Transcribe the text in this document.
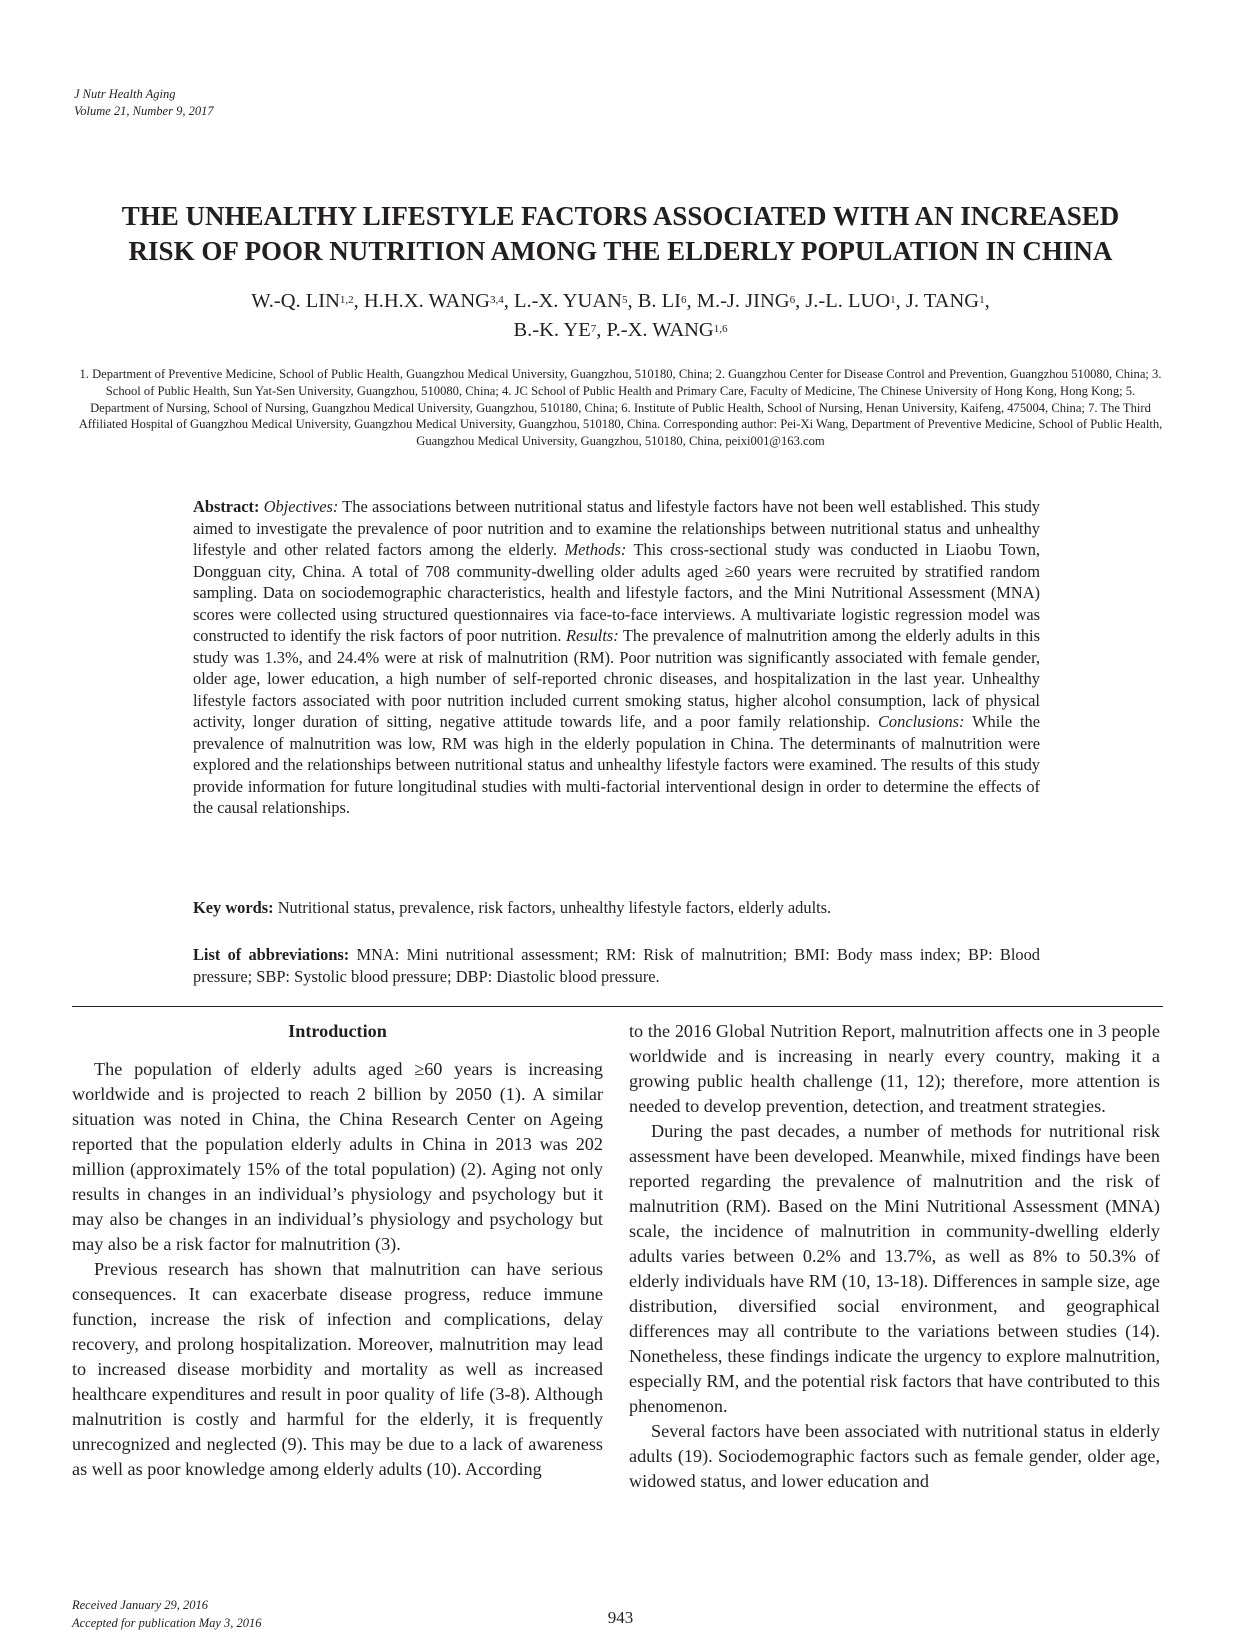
J Nutr Health Aging
Volume 21, Number 9, 2017
THE UNHEALTHY LIFESTYLE FACTORS ASSOCIATED WITH AN INCREASED
RISK OF POOR NUTRITION AMONG THE ELDERLY POPULATION IN CHINA
W.-Q. LIN$^{1,2}$, H.H.X. WANG$^{3,4}$, L.-X. YUAN$^5$, B. $LI^6$, M.-J. JING$^6$, J.-L. LUO$^1$, J. TANG$^1$,
B.-K. $YE^7$, P.-X. WANG$^{1,6}$
1. Department of Preventive Medicine, School of Public Health, Guangzhou Medical University, Guangzhou, 510180, China; 2. Guangzhou Center for Disease Control and Prevention, Guangzhou 510080, China; 3. School of Public Health, Sun Yat-Sen University, Guangzhou, 510080, China; 4. JC School of Public Health and Primary Care, Faculty of Medicine, The Chinese University of Hong Kong, Hong Kong; 5. Department of Nursing, School of Nursing, Guangzhou Medical University, Guangzhou, 510180, China; 6. Institute of Public Health, School of Nursing, Henan University, Kaifeng, 475004, China; 7. The Third Affiliated Hospital of Guangzhou Medical University, Guangzhou Medical University, Guangzhou, 510180, China. Corresponding author: Pei-Xi Wang, Department of Preventive Medicine, School of Public Health, Guangzhou Medical University, Guangzhou, 510180, China, peixi001@163.com
Abstract: Objectives: The associations between nutritional status and lifestyle factors have not been well established. This study aimed to investigate the prevalence of poor nutrition and to examine the relationships between nutritional status and unhealthy lifestyle and other related factors among the elderly. Methods: This cross-sectional study was conducted in Liaobu Town, Dongguan city, China. A total of 708 community-dwelling older adults aged ≥60 years were recruited by stratified random sampling. Data on sociodemographic characteristics, health and lifestyle factors, and the Mini Nutritional Assessment (MNA) scores were collected using structured questionnaires via face-to-face interviews. A multivariate logistic regression model was constructed to identify the risk factors of poor nutrition. Results: The prevalence of malnutrition among the elderly adults in this study was 1.3%, and 24.4% were at risk of malnutrition (RM). Poor nutrition was significantly associated with female gender, older age, lower education, a high number of self-reported chronic diseases, and hospitalization in the last year. Unhealthy lifestyle factors associated with poor nutrition included current smoking status, higher alcohol consumption, lack of physical activity, longer duration of sitting, negative attitude towards life, and a poor family relationship. Conclusions: While the prevalence of malnutrition was low, RM was high in the elderly population in China. The determinants of malnutrition were explored and the relationships between nutritional status and unhealthy lifestyle factors were examined. The results of this study provide information for future longitudinal studies with multi-factorial interventional design in order to determine the effects of the causal relationships.
Key words: Nutritional status, prevalence, risk factors, unhealthy lifestyle factors, elderly adults.
List of abbreviations: MNA: Mini nutritional assessment; RM: Risk of malnutrition; BMI: Body mass index; BP: Blood pressure; SBP: Systolic blood pressure; DBP: Diastolic blood pressure.
Introduction

The population of elderly adults aged ≥60 years is increasing worldwide and is projected to reach 2 billion by 2050 (1). A similar situation was noted in China, the China Research Center on Ageing reported that the population elderly adults in China in 2013 was 202 million (approximately 15% of the total population) (2). Aging not only results in changes in an individual’s physiology and psychology but it may also be changes in an individual’s physiology and psychology but may also be a risk factor for malnutrition (3).

Previous research has shown that malnutrition can have serious consequences. It can exacerbate disease progress, reduce immune function, increase the risk of infection and complications, delay recovery, and prolong hospitalization. Moreover, malnutrition may lead to increased disease morbidity and mortality as well as increased healthcare expenditures and result in poor quality of life (3-8). Although malnutrition is costly and harmful for the elderly, it is frequently unrecognized and neglected (9). This may be due to a lack of awareness as well as poor knowledge among elderly adults (10). According

to the 2016 Global Nutrition Report, malnutrition affects one in 3 people worldwide and is increasing in nearly every country, making it a growing public health challenge (11, 12); therefore, more attention is needed to develop prevention, detection, and treatment strategies.

During the past decades, a number of methods for nutritional risk assessment have been developed. Meanwhile, mixed findings have been reported regarding the prevalence of malnutrition and the risk of malnutrition (RM). Based on the Mini Nutritional Assessment (MNA) scale, the incidence of malnutrition in community-dwelling elderly adults varies between 0.2% and 13.7%, as well as 8% to 50.3% of elderly individuals have RM (10, 13-18). Differences in sample size, age distribution, diversified social environment, and geographical differences may all contribute to the variations between studies (14). Nonetheless, these findings indicate the urgency to explore malnutrition, especially RM, and the potential risk factors that have contributed to this phenomenon.

Several factors have been associated with nutritional status in elderly adults (19). Sociodemographic factors such as female gender, older age, widowed status, and lower education and

Received January 29, 2016
Accepted for publication May 3, 2016	943
